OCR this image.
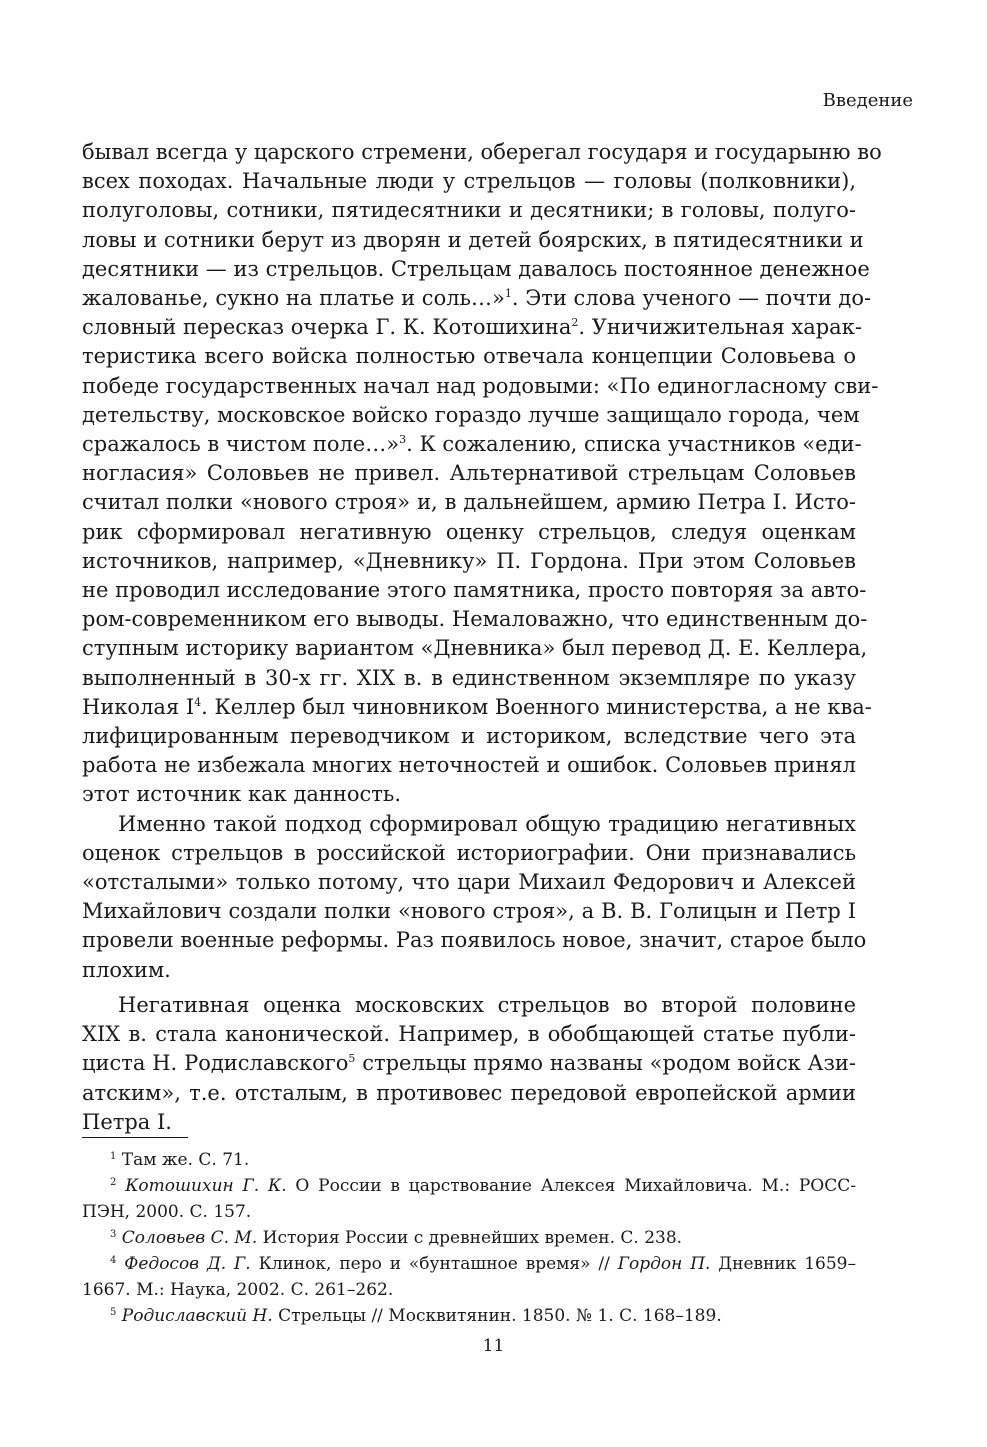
Введение
бывал всегда у царского стремени, оберегал государя и государыню во
всех походах. Начальные люди у стрельцов — головы (полковники),
полуголовы, сотники, пятидесятники и десятники; в головы, полуго-
ловы и сотники берут из дворян и детей боярских, в пятидесятники и
десятники — из стрельцов. Стрельцам давалось постоянное денежное
жалованье, сукно на платье и соль…»$^1$. Эти слова ученого — почти до-
словный пересказ очерка Г. К. Котошихина$^2$. Уничижительная харак-
теристика всего войска полностью отвечала концепции Соловьева о
победе государственных начал над родовыми: «По единогласному сви-
детельству, московское войско гораздо лучше защищало города, чем
сражалось в чистом поле…»$^3$. К сожалению, списка участников «еди-
ногласия» Соловьев не привел. Альтернативой стрельцам Соловьев
считал полки «нового строя» и, в дальнейшем, армию Петра I. Исто-
рик сформировал негативную оценку стрельцов, следуя оценкам
источников, например, «Дневнику» П. Гордона. При этом Соловьев
не проводил исследование этого памятника, просто повторяя за авто-
ром-современником его выводы. Немаловажно, что единственным до-
ступным историку вариантом «Дневника» был перевод Д. Е. Келлера,
выполненный в 30-х гг. XIX в. в единственном экземпляре по указу
Николая $I^4$. Келлер был чиновником Военного министерства, а не ква-
лифицированным переводчиком и историком, вследствие чего эта
работа не избежала многих неточностей и ошибок. Соловьев принял
этот источник как данность.
Именно такой подход сформировал общую традицию негативных
оценок стрельцов в российской историографии. Они признавались
«отсталыми» только потому, что цари Михаил Федорович и Алексей
Михайлович создали полки «нового строя», а В. В. Голицын и Петр I
провели военные реформы. Раз появилось новое, значит, старое было
плохим.
Негативная оценка московских стрельцов во второй половине
XIX в. стала канонической. Например, в обобщающей статье публи-
циста Н. Родиславского$^5$ стрельцы прямо названы «родом войск Ази-
атским», т.е. отсталым, в противовес передовой европейской армии
Петра I.
$^1$ Там же. С. 71.
$^2$ Котошихин Г. К. О России в царствование Алексея Михайловича. М.: РОСС-
ПЭН, 2000. С. 157.
$^3$ Соловьев С. М. История России с древнейших времен. С. 238.
$^4$ Федосов Д. Г. Клинок, перо и «бунташное время» // Гордон П. Дневник 1659–
1667. М.: Наука, 2002. С. 261–262.
$^5$ Родиславский Н. Стрельцы // Москвитянин. 1850. № 1. С. 168–189.
11
